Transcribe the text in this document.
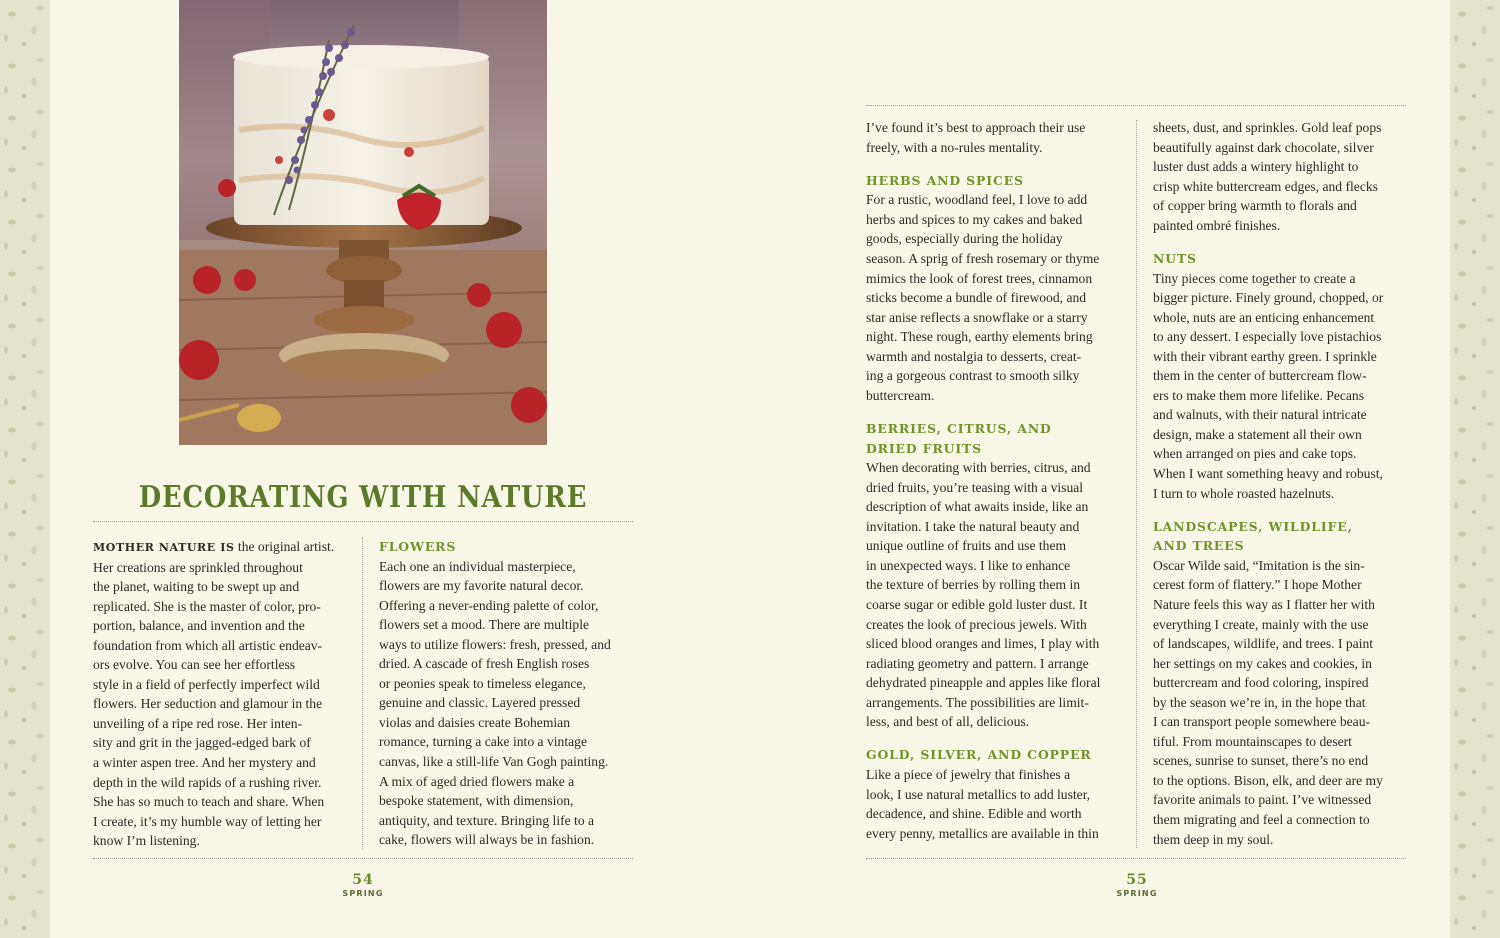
DECORATING WITH NATURE
MOTHER NATURE IS the original artist.
Her creations are sprinkled throughout
the planet, waiting to be swept up and
replicated. She is the master of color, pro-
portion, balance, and invention and the
foundation from which all artistic endeav-
ors evolve. You can see her effortless
style in a field of perfectly imperfect wild
flowers. Her seduction and glamour in the
unveiling of a ripe red rose. Her inten-
sity and grit in the jagged-edged bark of
a winter aspen tree. And her mystery and
depth in the wild rapids of a rushing river.
She has so much to teach and share. When
I create, it’s my humble way of letting her
know I’m listening.
FLOWERS
Each one an individual masterpiece,
flowers are my favorite natural decor.
Offering a never-ending palette of color,
flowers set a mood. There are multiple
ways to utilize flowers: fresh, pressed, and
dried. A cascade of fresh English roses
or peonies speak to timeless elegance,
genuine and classic. Layered pressed
violas and daisies create Bohemian
romance, turning a cake into a vintage
canvas, like a still-life Van Gogh painting.
A mix of aged dried flowers make a
bespoke statement, with dimension,
antiquity, and texture. Bringing life to a
cake, flowers will always be in fashion.
54
SPRING
I’ve found it’s best to approach their use
freely, with a no-rules mentality.
HERBS AND SPICES
For a rustic, woodland feel, I love to add
herbs and spices to my cakes and baked
goods, especially during the holiday
season. A sprig of fresh rosemary or thyme
mimics the look of forest trees, cinnamon
sticks become a bundle of firewood, and
star anise reflects a snowflake or a starry
night. These rough, earthy elements bring
warmth and nostalgia to desserts, creat-
ing a gorgeous contrast to smooth silky
buttercream.
BERRIES, CITRUS, AND
DRIED FRUITS
When decorating with berries, citrus, and
dried fruits, you’re teasing with a visual
description of what awaits inside, like an
invitation. I take the natural beauty and
unique outline of fruits and use them
in unexpected ways. I like to enhance
the texture of berries by rolling them in
coarse sugar or edible gold luster dust. It
creates the look of precious jewels. With
sliced blood oranges and limes, I play with
radiating geometry and pattern. I arrange
dehydrated pineapple and apples like floral
arrangements. The possibilities are limit-
less, and best of all, delicious.
GOLD, SILVER, AND COPPER
Like a piece of jewelry that finishes a
look, I use natural metallics to add luster,
decadence, and shine. Edible and worth
every penny, metallics are available in thin
sheets, dust, and sprinkles. Gold leaf pops
beautifully against dark chocolate, silver
luster dust adds a wintery highlight to
crisp white buttercream edges, and flecks
of copper bring warmth to florals and
painted ombré finishes.
NUTS
Tiny pieces come together to create a
bigger picture. Finely ground, chopped, or
whole, nuts are an enticing enhancement
to any dessert. I especially love pistachios
with their vibrant earthy green. I sprinkle
them in the center of buttercream flow-
ers to make them more lifelike. Pecans
and walnuts, with their natural intricate
design, make a statement all their own
when arranged on pies and cake tops.
When I want something heavy and robust,
I turn to whole roasted hazelnuts.
LANDSCAPES, WILDLIFE,
AND TREES
Oscar Wilde said, “Imitation is the sin-
cerest form of flattery.” I hope Mother
Nature feels this way as I flatter her with
everything I create, mainly with the use
of landscapes, wildlife, and trees. I paint
her settings on my cakes and cookies, in
buttercream and food coloring, inspired
by the season we’re in, in the hope that
I can transport people somewhere beau-
tiful. From mountainscapes to desert
scenes, sunrise to sunset, there’s no end
to the options. Bison, elk, and deer are my
favorite animals to paint. I’ve witnessed
them migrating and feel a connection to
them deep in my soul.
55
SPRING
